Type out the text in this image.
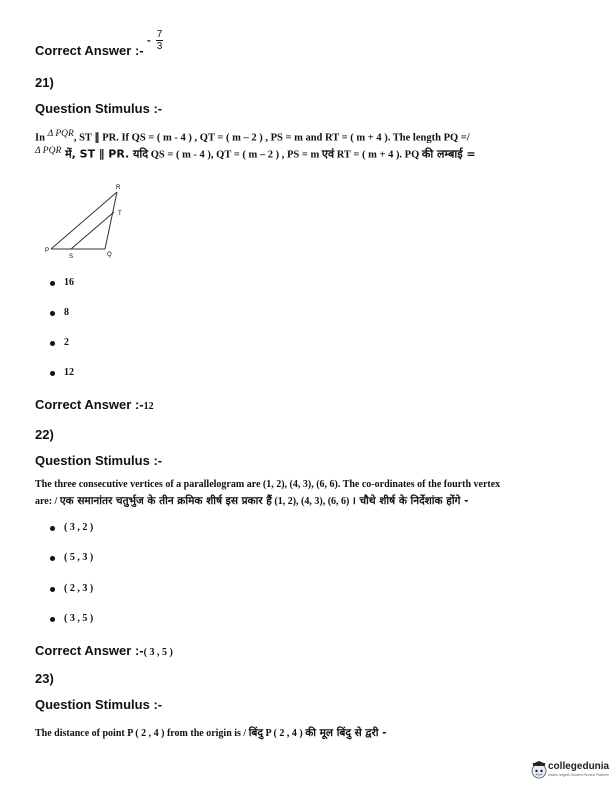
Correct Answer :-
- $\frac{7}{3}$
21)
Question Stimulus :-
In $^{\Delta PQR}$, ST ∥ PR. If QS = ( m - 4 ) , QT = ( m – 2 ) , PS = m and RT = ( m + 4 ). The length PQ =/
$^{\Delta PQR}$ में, ST ∥ PR. यदि QS = ( m - 4 ), QT = ( m – 2 ) , PS = m एवं RT = ( m + 4 ). PQ की लम्बाई =
R
T
P
S	Q
16
8
2
12
Correct Answer :-12
22)
Question Stimulus :-
The three consecutive vertices of a parallelogram are (1, 2), (4, 3), (6, 6). The co-ordinates of the fourth vertex
are: / एक समानांतर चतुर्भुज के तीन क्रमिक शीर्ष इस प्रकार हैं (1, 2), (4, 3), (6, 6) । चौथे शीर्ष के निर्देशांक होंगे -
( 3 , 2 )
( 5 , 3 )
( 2 , 3 )
( 3 , 5 )
Correct Answer :-( 3 , 5 )
23)
Question Stimulus :-
The distance of point P ( 2 , 4 ) from the origin is / बिंदु P ( 2 , 4 ) की मूल बिंदु से द्वरी -
collegedunia
India's largest Student Review Platform
